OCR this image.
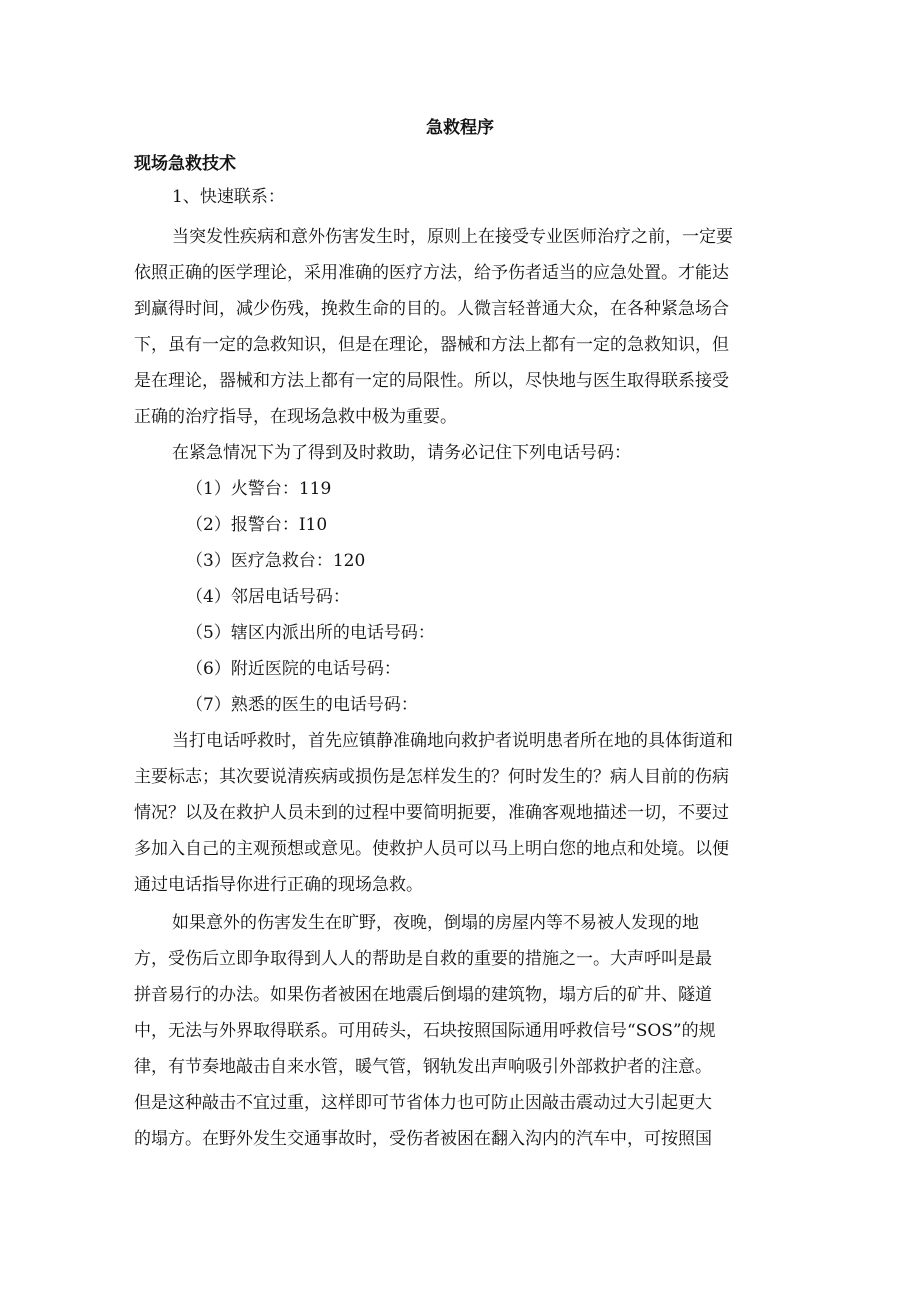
急救程序
现场急救技术
1、快速联系：
当突发性疾病和意外伤害发生时，原则上在接受专业医师治疗之前，一定要
依照正确的医学理论，采用准确的医疗方法，给予伤者适当的应急处置。才能达
到赢得时间，减少伤残，挽救生命的目的。人微言轻普通大众，在各种紧急场合
下，虽有一定的急救知识，但是在理论，器械和方法上都有一定的急救知识，但
是在理论，器械和方法上都有一定的局限性。所以，尽快地与医生取得联系接受
正确的治疗指导，在现场急救中极为重要。
在紧急情况下为了得到及时救助，请务必记住下列电话号码：
（1）火警台：119
（2）报警台：I10
（3）医疗急救台：120
（4）邻居电话号码：
（5）辖区内派出所的电话号码：
（6）附近医院的电话号码：
（7）熟悉的医生的电话号码：
当打电话呼救时，首先应镇静准确地向救护者说明患者所在地的具体街道和
主要标志；其次要说清疾病或损伤是怎样发生的？何时发生的？病人目前的伤病
情况？以及在救护人员未到的过程中要简明扼要，准确客观地描述一切，不要过
多加入自己的主观预想或意见。使救护人员可以马上明白您的地点和处境。以便
通过电话指导你进行正确的现场急救。
如果意外的伤害发生在旷野，夜晚，倒塌的房屋内等不易被人发现的地
方，受伤后立即争取得到人人的帮助是自救的重要的措施之一。大声呼叫是最
拼音易行的办法。如果伤者被困在地震后倒塌的建筑物，塌方后的矿井、隧道
中，无法与外界取得联系。可用砖头，石块按照国际通用呼救信号“SOS”的规
律，有节奏地敲击自来水管，暖气管，钢轨发出声响吸引外部救护者的注意。
但是这种敲击不宜过重，这样即可节省体力也可防止因敲击震动过大引起更大
的塌方。在野外发生交通事故时，受伤者被困在翻入沟内的汽车中，可按照国
